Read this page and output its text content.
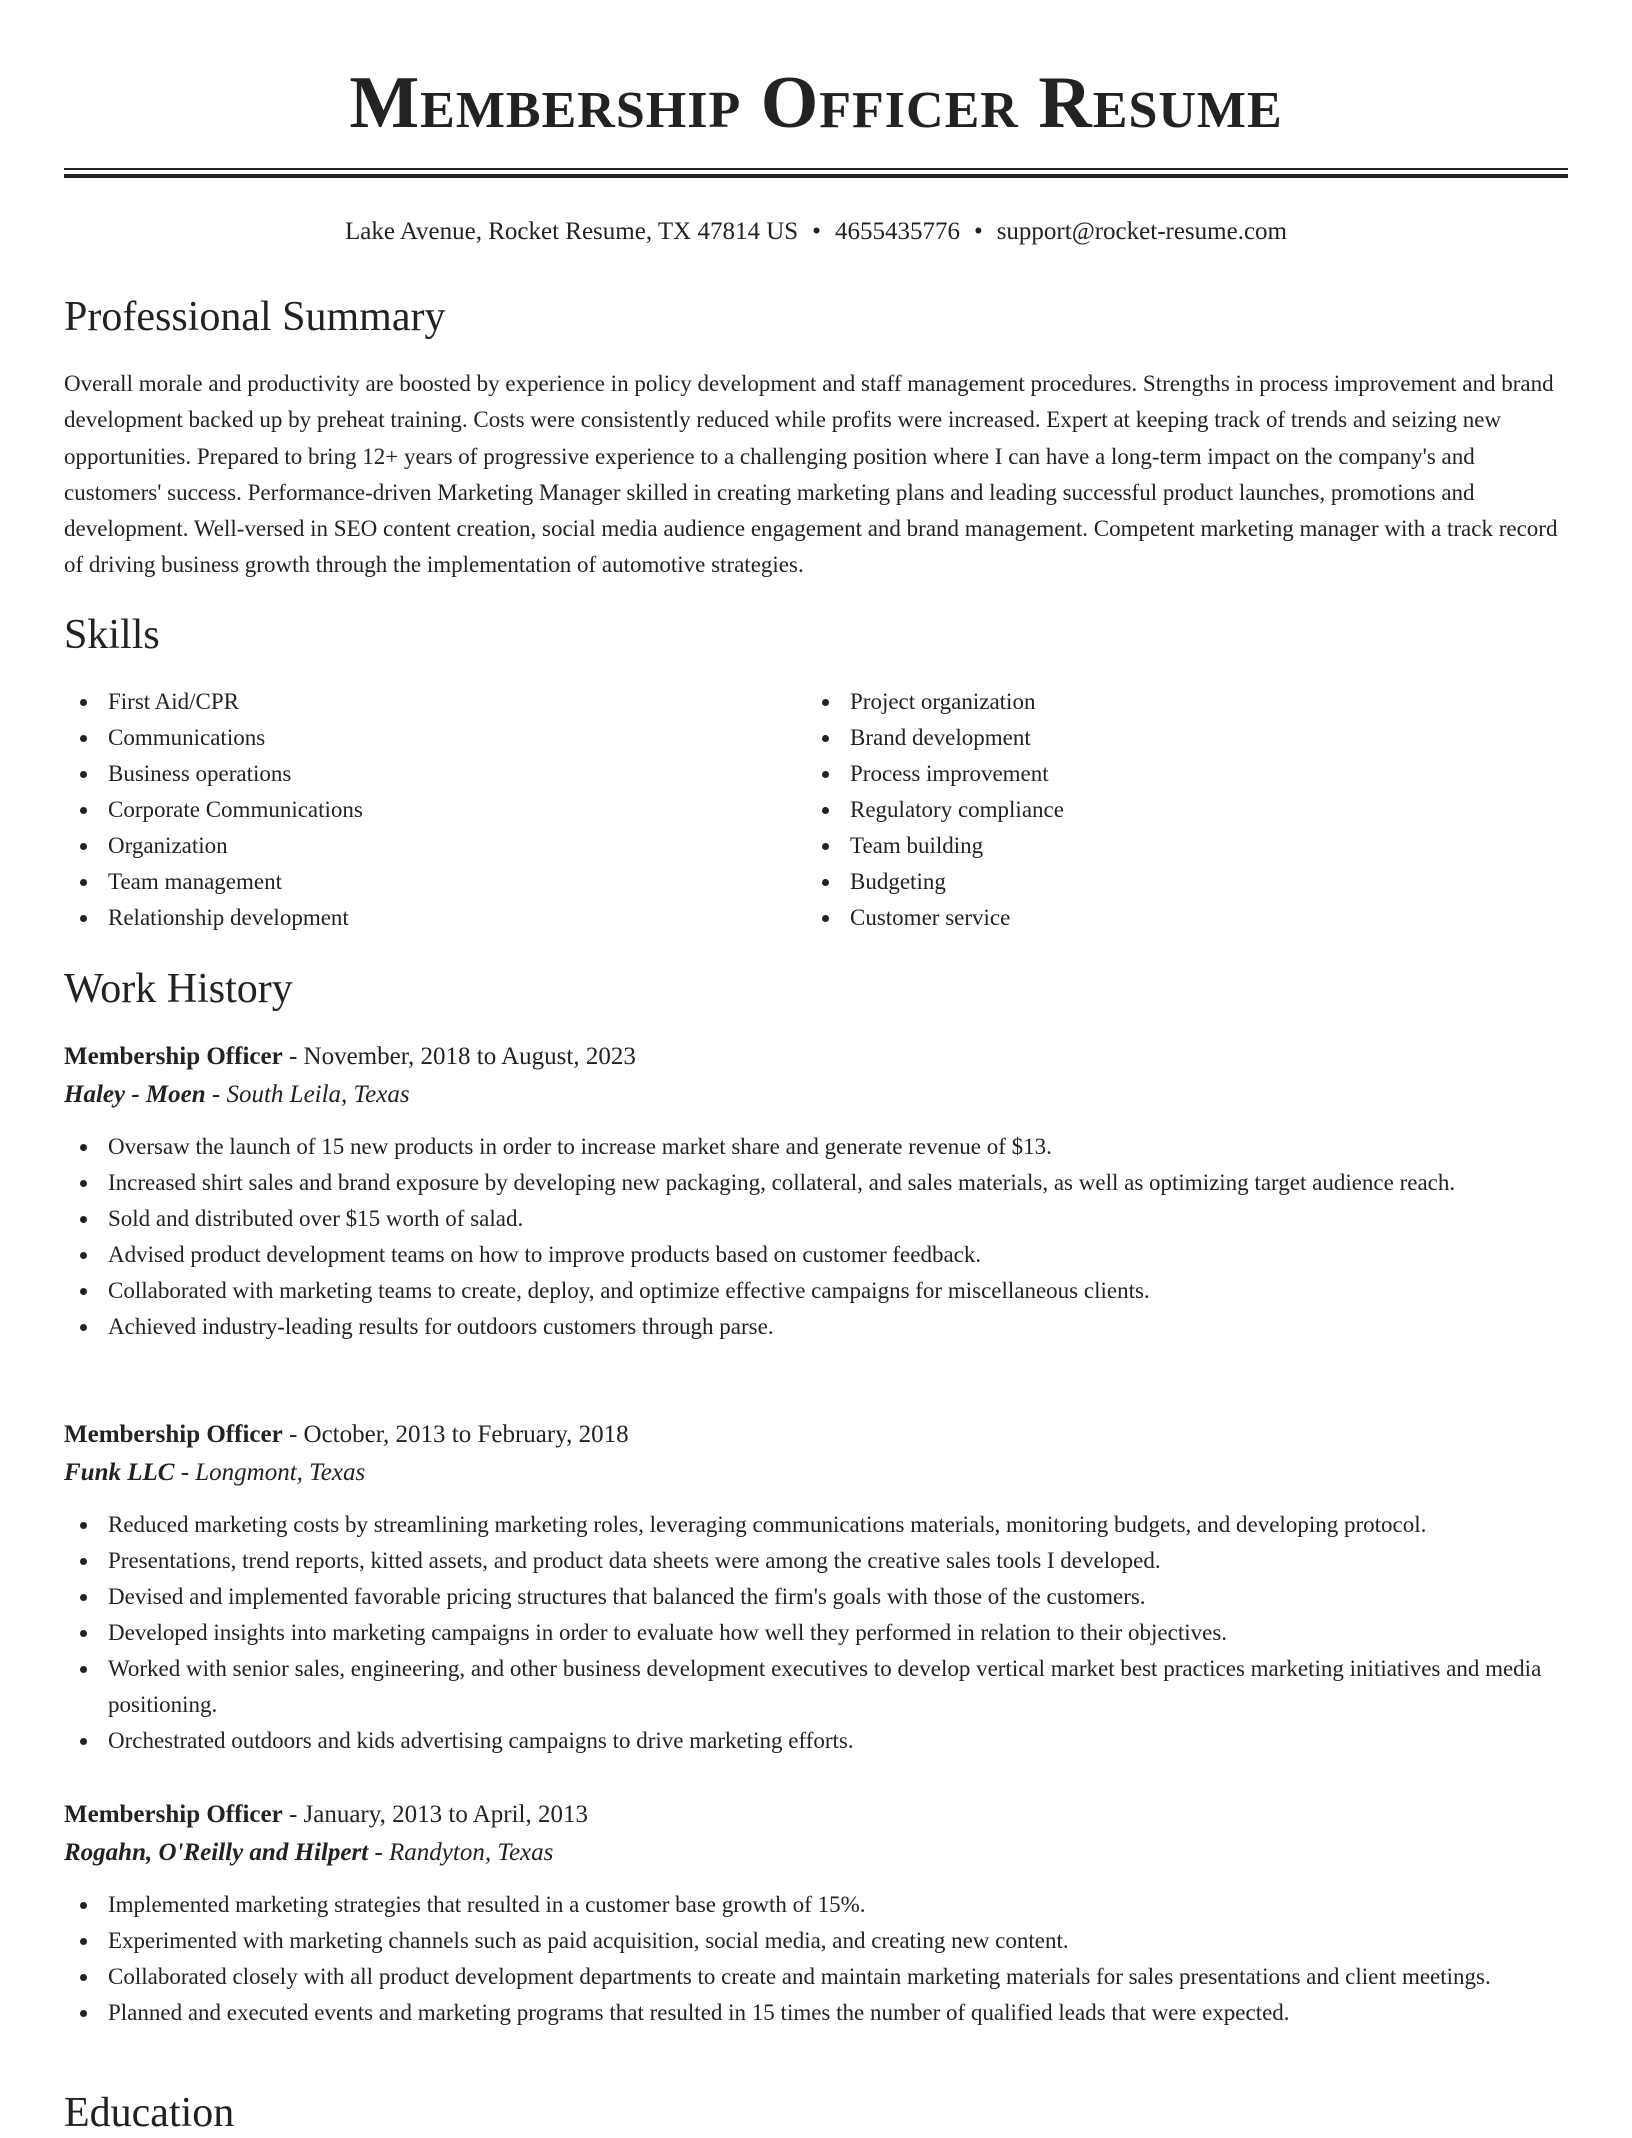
Membership Officer Resume
Lake Avenue, Rocket Resume, TX 47814 US • 4655435776 • support@rocket-resume.com
Professional Summary

Overall morale and productivity are boosted by experience in policy development and staff management procedures. Strengths in process improvement and brand development backed up by preheat training. Costs were consistently reduced while profits were increased. Expert at keeping track of trends and seizing new opportunities. Prepared to bring 12+ years of progressive experience to a challenging position where I can have a long-term impact on the company's and customers' success. Performance-driven Marketing Manager skilled in creating marketing plans and leading successful product launches, promotions and development. Well-versed in SEO content creation, social media audience engagement and brand management. Competent marketing manager with a track record of driving business growth through the implementation of automotive strategies.

Skills
First Aid/CPR
Communications
Business operations
Corporate Communications
Organization
Team management
Relationship development
Project organization
Brand development
Process improvement
Regulatory compliance
Team building
Budgeting
Customer service
Work History
Membership Officer - November, 2018 to August, 2023
Haley - Moen - South Leila, Texas
Oversaw the launch of 15 new products in order to increase market share and generate revenue of $13.
Increased shirt sales and brand exposure by developing new packaging, collateral, and sales materials, as well as optimizing target audience reach.
Sold and distributed over $15 worth of salad.
Advised product development teams on how to improve products based on customer feedback.
Collaborated with marketing teams to create, deploy, and optimize effective campaigns for miscellaneous clients.
Achieved industry-leading results for outdoors customers through parse.
Membership Officer - October, 2013 to February, 2018
Funk LLC - Longmont, Texas
Reduced marketing costs by streamlining marketing roles, leveraging communications materials, monitoring budgets, and developing protocol.
Presentations, trend reports, kitted assets, and product data sheets were among the creative sales tools I developed.
Devised and implemented favorable pricing structures that balanced the firm's goals with those of the customers.
Developed insights into marketing campaigns in order to evaluate how well they performed in relation to their objectives.
Worked with senior sales, engineering, and other business development executives to develop vertical market best practices marketing initiatives and media positioning.
Orchestrated outdoors and kids advertising campaigns to drive marketing efforts.
Membership Officer - January, 2013 to April, 2013
Rogahn, O'Reilly and Hilpert - Randyton, Texas
Implemented marketing strategies that resulted in a customer base growth of 15%.
Experimented with marketing channels such as paid acquisition, social media, and creating new content.
Collaborated closely with all product development departments to create and maintain marketing materials for sales presentations and client meetings.
Planned and executed events and marketing programs that resulted in 15 times the number of qualified leads that were expected.
Education
